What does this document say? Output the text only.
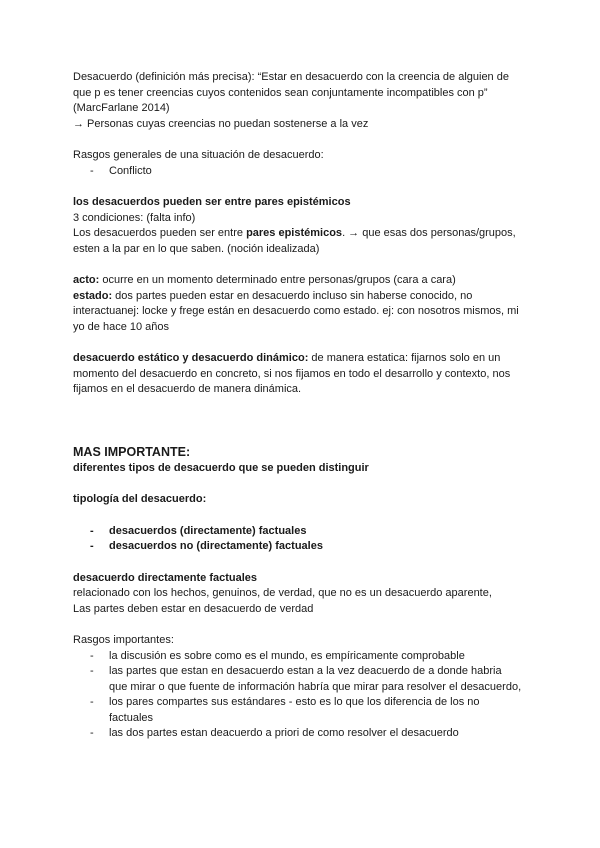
Desacuerdo (definición más precisa): “Estar en desacuerdo con la creencia de alguien de

que p es tener creencias cuyos contenidos sean conjuntamente incompatibles con p”

(MarcFarlane 2014)

→ Personas cuyas creencias no puedan sostenerse a la vez

Rasgos generales de una situación de desacuerdo:

- Conflicto

los desacuerdos pueden ser entre pares epistémicos

3 condiciones: (falta info)

Los desacuerdos pueden ser entre pares epistémicos. → que esas dos personas/grupos,

esten a la par en lo que saben. (noción idealizada)

acto: ocurre en un momento determinado entre personas/grupos (cara a cara)

estado: dos partes pueden estar en desacuerdo incluso sin haberse conocido, no

interactuanej: locke y frege están en desacuerdo como estado. ej: con nosotros mismos, mi

yo de hace 10 años

desacuerdo estático y desacuerdo dinámico: de manera estatica: fijarnos solo en un

momento del desacuerdo en concreto, si nos fijamos en todo el desarrollo y contexto, nos

fijamos en el desacuerdo de manera dinámica.

MAS IMPORTANTE:

diferentes tipos de desacuerdo que se pueden distinguir

tipología del desacuerdo:

- desacuerdos (directamente) factuales
- desacuerdos no (directamente) factuales

desacuerdo directamente factuales

relacionado con los hechos, genuinos, de verdad, que no es un desacuerdo aparente,

Las partes deben estar en desacuerdo de verdad

Rasgos importantes:

- la discusión es sobre como es el mundo, es empíricamente comprobable
- las partes que estan en desacuerdo estan a la vez deacuerdo de a donde habria
que mirar o que fuente de información habría que mirar para resolver el desacuerdo,
- los pares compartes sus estándares - esto es lo que los diferencia de los no
factuales
- las dos partes estan deacuerdo a priori de como resolver el desacuerdo
